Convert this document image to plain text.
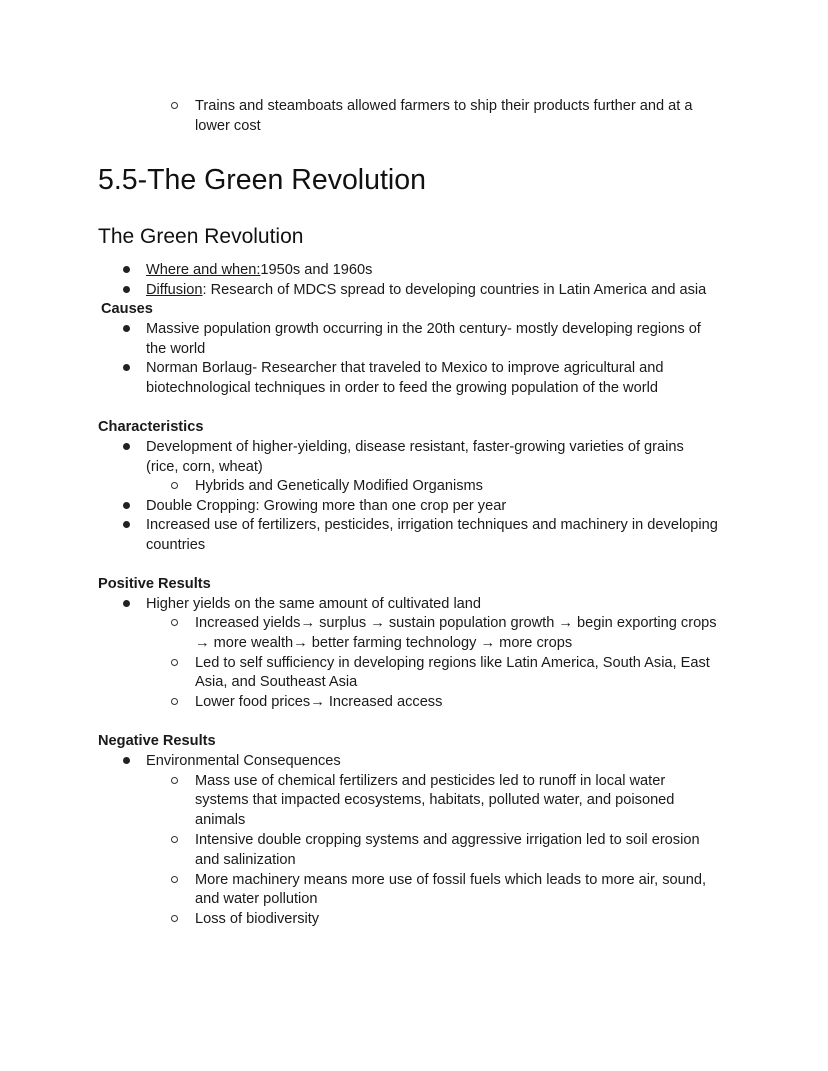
Trains and steamboats allowed farmers to ship their products further and at a
lower cost
5.5-The Green Revolution
The Green Revolution
Where and when:1950s and 1960s
Diffusion: Research of MDCS spread to developing countries in Latin America and asia
Causes
Massive population growth occurring in the 20th century- mostly developing regions of
the world
Norman Borlaug- Researcher that traveled to Mexico to improve agricultural and
biotechnological techniques in order to feed the growing population of the world
Characteristics
Development of higher-yielding, disease resistant, faster-growing varieties of grains
(rice, corn, wheat)
Hybrids and Genetically Modified Organisms
Double Cropping: Growing more than one crop per year
Increased use of fertilizers, pesticides, irrigation techniques and machinery in developing
countries
Positive Results
Higher yields on the same amount of cultivated land
Increased yields→ surplus → sustain population growth → begin exporting crops
→ more wealth→ better farming technology → more crops
Led to self sufficiency in developing regions like Latin America, South Asia, East
Asia, and Southeast Asia
Lower food prices→ Increased access
Negative Results
Environmental Consequences
Mass use of chemical fertilizers and pesticides led to runoff in local water
systems that impacted ecosystems, habitats, polluted water, and poisoned
animals
Intensive double cropping systems and aggressive irrigation led to soil erosion
and salinization
More machinery means more use of fossil fuels which leads to more air, sound,
and water pollution
Loss of biodiversity
